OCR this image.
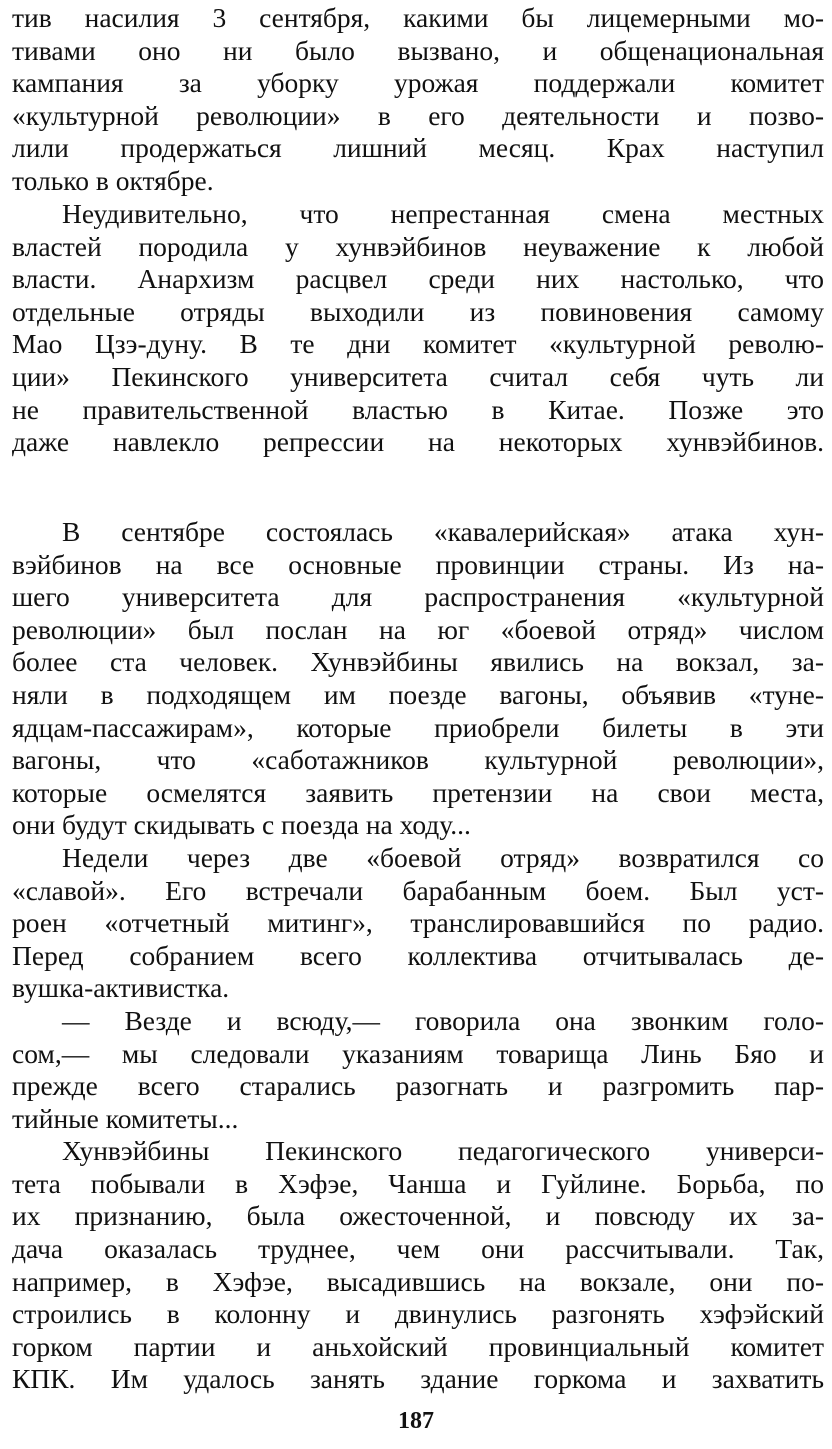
тив насилия 3 сентября, какими бы лицемерными мо-
тивами оно ни было вызвано, и общенациональная
кампания за уборку урожая поддержали комитет
«культурной революции» в его деятельности и позво-
лили продержаться лишний месяц. Крах наступил
только в октябре.
Неудивительно, что непрестанная смена местных
властей породила у хунвэйбинов неуважение к любой
власти. Анархизм расцвел среди них настолько, что
отдельные отряды выходили из повиновения самому
Мао Цзэ-дуну. В те дни комитет «культурной револю-
ции» Пекинского университета считал себя чуть ли
не правительственной властью в Китае. Позже это
даже навлекло репрессии на некоторых хунвэйбинов.
В сентябре состоялась «кавалерийская» атака хун-
вэйбинов на все основные провинции страны. Из на-
шего университета для распространения «культурной
революции» был послан на юг «боевой отряд» числом
более ста человек. Хунвэйбины явились на вокзал, за-
няли в подходящем им поезде вагоны, объявив «туне-
ядцам-пассажирам», которые приобрели билеты в эти
вагоны, что «саботажников культурной революции»,
которые осмелятся заявить претензии на свои места,
они будут скидывать с поезда на ходу...
Недели через две «боевой отряд» возвратился со
«славой». Его встречали барабанным боем. Был уст-
роен «отчетный митинг», транслировавшийся по радио.
Перед собранием всего коллектива отчитывалась де-
вушка-активистка.
— Везде и всюду,— говорила она звонким голо-
сом,— мы следовали указаниям товарища Линь Бяо и
прежде всего старались разогнать и разгромить пар-
тийные комитеты...
Хунвэйбины Пекинского педагогического универси-
тета побывали в Хэфэе, Чанша и Гуйлине. Борьба, по
их признанию, была ожесточенной, и повсюду их за-
дача оказалась труднее, чем они рассчитывали. Так,
например, в Хэфэе, высадившись на вокзале, они по-
строились в колонну и двинулись разгонять хэфэйский
горком партии и аньхойский провинциальный комитет
КПК. Им удалось занять здание горкома и захватить
187
